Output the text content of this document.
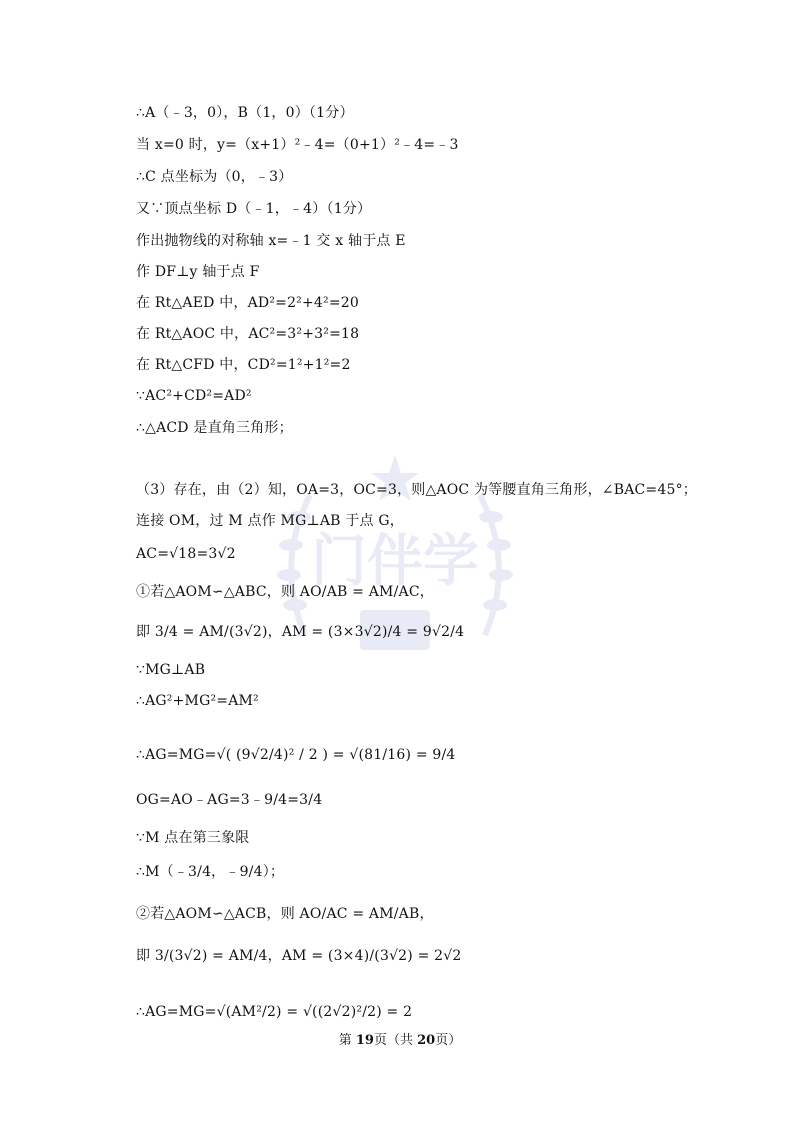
门伴学
∴A（﹣3，0），B（1，0）（1分）
当 x=0 时，y=（x+1）²﹣4=（0+1）²﹣4=﹣3
∴C 点坐标为（0，﹣3）
又∵顶点坐标 D（﹣1，﹣4）（1分）
作出抛物线的对称轴 x=﹣1 交 x 轴于点 E
作 DF⊥y 轴于点 F
在 Rt△AED 中，AD²=2²+4²=20
在 Rt△AOC 中，AC²=3²+3²=18
在 Rt△CFD 中，CD²=1²+1²=2
∵AC²+CD²=AD²
∴△ACD 是直角三角形；
（3）存在，由（2）知，OA=3，OC=3，则△AOC 为等腰直角三角形，∠BAC=45°；
连接 OM，过 M 点作 MG⊥AB 于点 G，
AC=√18=3√2
①若△AOM∽△ABC，则 AO/AB = AM/AC，
即 3/4 = AM/(3√2)，AM = (3×3√2)/4 = 9√2/4
∵MG⊥AB
∴AG²+MG²=AM²
∴AG=MG=√( (9√2/4)² / 2 ) = √(81/16) = 9/4
OG=AO﹣AG=3﹣9/4=3/4
∵M 点在第三象限
∴M（﹣3/4，﹣9/4）；
②若△AOM∽△ACB，则 AO/AC = AM/AB，
即 3/(3√2) = AM/4，AM = (3×4)/(3√2) = 2√2
∴AG=MG=√(AM²/2) = √((2√2)²/2) = 2
第 19页（共 20页）
